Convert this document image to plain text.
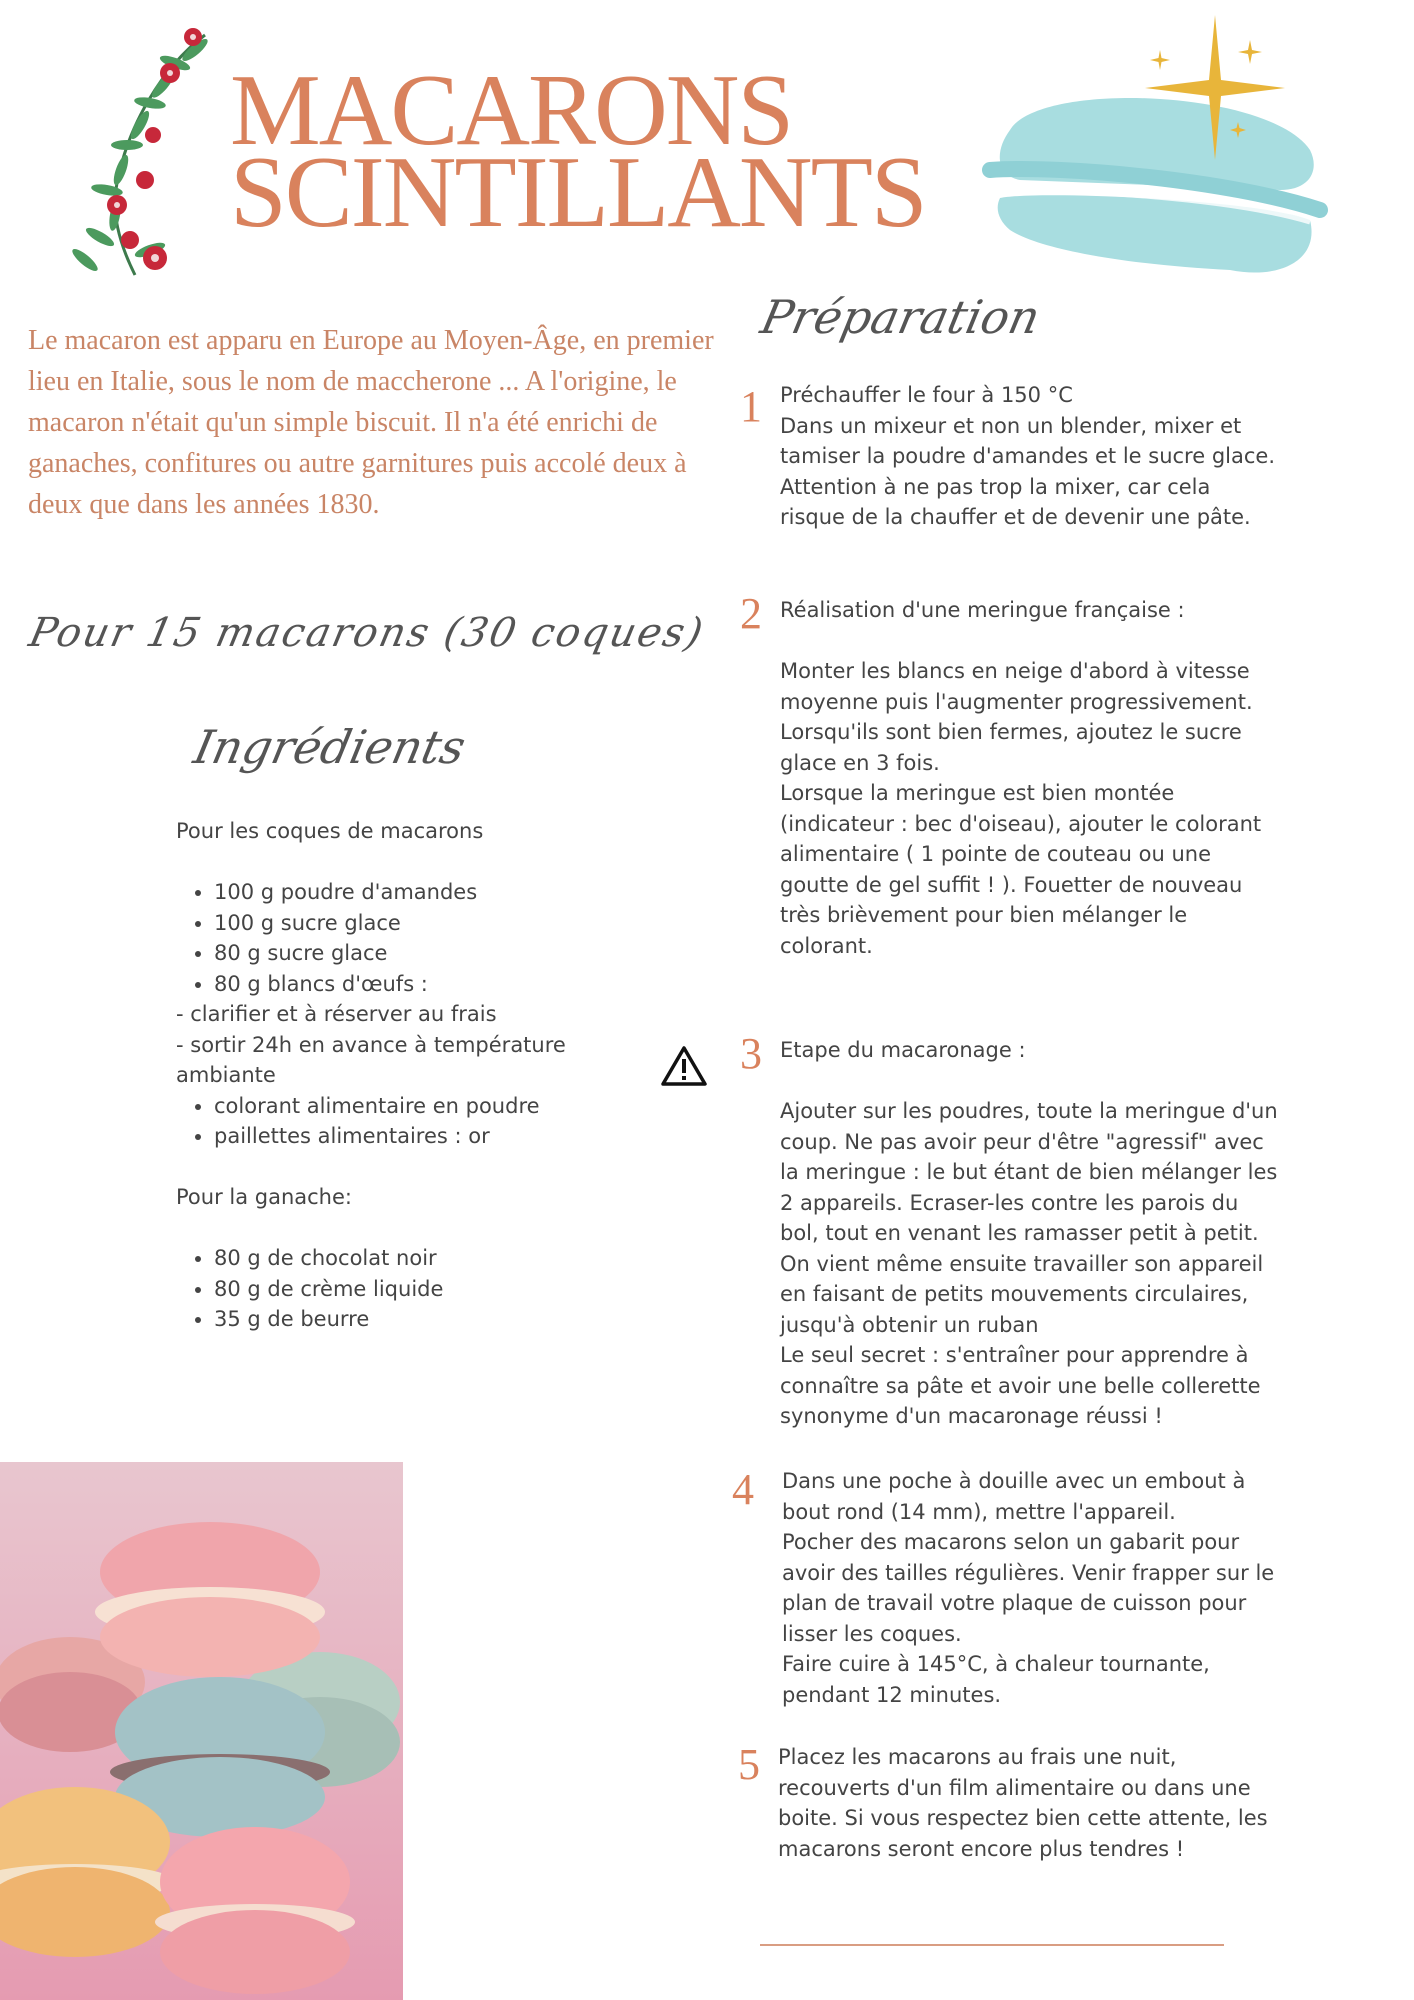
MACARONS
SCINTILLANTS
Le macaron est apparu en Europe au Moyen-Âge, en premier lieu en Italie, sous le nom de maccherone ... A l'origine, le macaron n'était qu'un simple biscuit. Il n'a été enrichi de ganaches, confitures ou autre garnitures puis accolé deux à deux que dans les années 1830.
Pour 15 macarons (30 coques)
Ingrédients

Pour les coques de macarons

• 100 g poudre d'amandes
• 100 g sucre glace
• 80 g sucre glace
• 80 g blancs d'œufs :

- clarifier et à réserver au frais

- sortir 24h en avance à température ambiante

• colorant alimentaire en poudre
• paillettes alimentaires : or

Pour la ganache:

• 80 g de chocolat noir
• 80 g de crème liquide
• 35 g de beurre
Préparation
1 Préchauffer le four à 150 °C

Dans un mixeur et non un blender, mixer et tamiser la poudre d'amandes et le sucre glace. Attention à ne pas trop la mixer, car cela risque de la chauffer et de devenir une pâte.

2 Réalisation d'une meringue française :

Monter les blancs en neige d'abord à vitesse moyenne puis l'augmenter progressivement. Lorsqu'ils sont bien fermes, ajoutez le sucre glace en 3 fois.

Lorsque la meringue est bien montée (indicateur : bec d'oiseau), ajouter le colorant alimentaire ( 1 pointe de couteau ou une goutte de gel suffit ! ). Fouetter de nouveau très brièvement pour bien mélanger le colorant.

3 Etape du macaronage :

Ajouter sur les poudres, toute la meringue d'un coup. Ne pas avoir peur d'être "agressif" avec la meringue : le but étant de bien mélanger les 2 appareils. Ecraser-les contre les parois du bol, tout en venant les ramasser petit à petit. On vient même ensuite travailler son appareil en faisant de petits mouvements circulaires, jusqu'à obtenir un ruban

Le seul secret : s'entraîner pour apprendre à connaître sa pâte et avoir une belle collerette synonyme d'un macaronage réussi !

4 Dans une poche à douille avec un embout à bout rond (14 mm), mettre l'appareil.

Pocher des macarons selon un gabarit pour avoir des tailles régulières. Venir frapper sur le plan de travail votre plaque de cuisson pour lisser les coques.

Faire cuire à 145°C, à chaleur tournante, pendant 12 minutes.

5 Placez les macarons au frais une nuit, recouverts d'un film alimentaire ou dans une boite. Si vous respectez bien cette attente, les macarons seront encore plus tendres !
